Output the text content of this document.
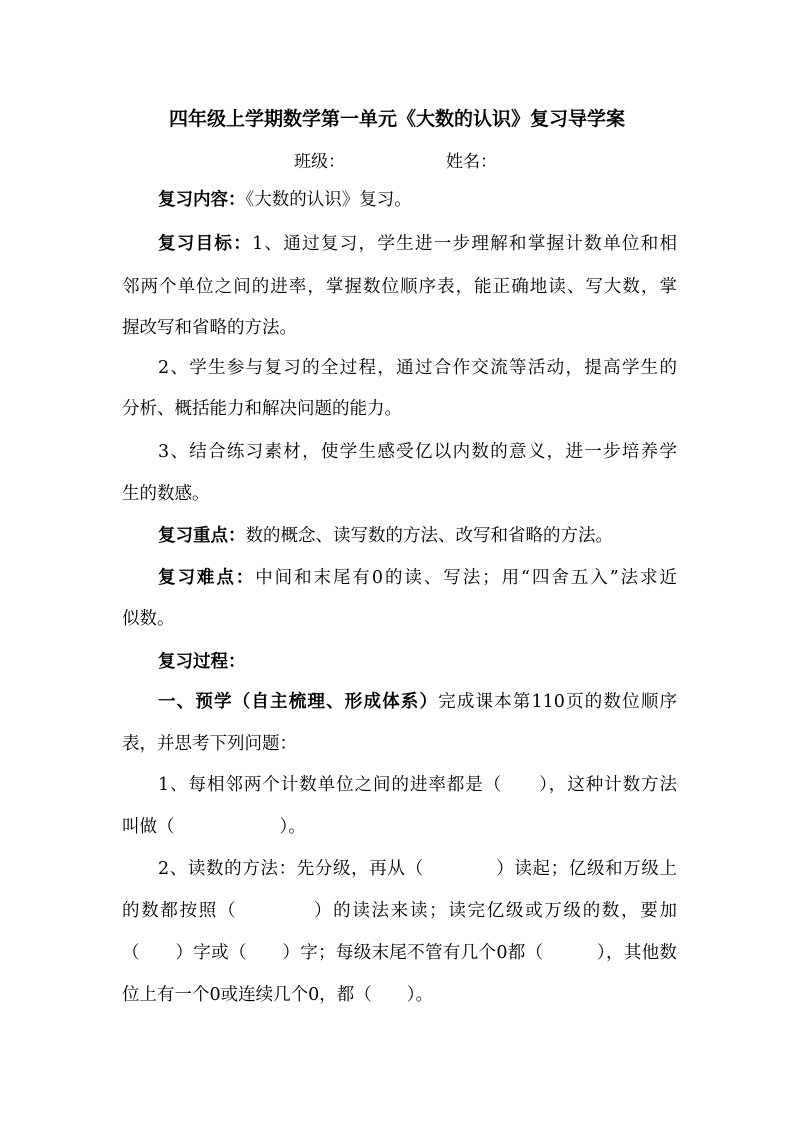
四年级上学期数学第一单元《大数的认识》复习导学案
班级：	姓名：
复习内容：《大数的认识》复习。
复习目标：1、通过复习，学生进一步理解和掌握计数单位和相
邻两个单位之间的进率，掌握数位顺序表，能正确地读、写大数，掌
握改写和省略的方法。
2、学生参与复习的全过程，通过合作交流等活动，提高学生的
分析、概括能力和解决问题的能力。
3、结合练习素材，使学生感受亿以内数的意义，进一步培养学
生的数感。
复习重点：数的概念、读写数的方法、改写和省略的方法。
复习难点：中间和末尾有0的读、写法；用“四舍五入”法求近
似数。
复习过程：
一、预学（自主梳理、形成体系）完成课本第110页的数位顺序
表，并思考下列问题：
1、每相邻两个计数单位之间的进率都是（　　），这种计数方法
叫做（　　　　　　）。
2、读数的方法：先分级，再从（　　　　）读起；亿级和万级上
的数都按照（　　　　）的读法来读；读完亿级或万级的数，要加
（　　）字或（　　）字；每级末尾不管有几个0都（　　　），其他数
位上有一个0或连续几个0，都（　　）。
